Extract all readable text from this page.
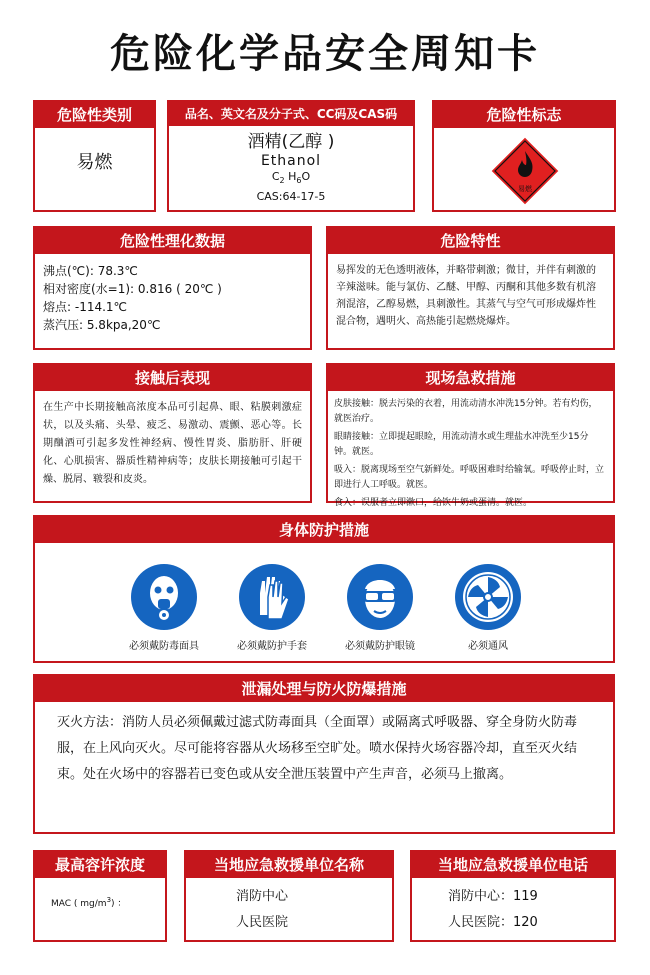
危险化学品安全周知卡
危险性类别
易燃
品名、英文名及分子式、CC码及CAS码
酒精(乙醇 )
Ethanol
$C_2$ $H_6O$
CAS:64-17-5
危险性标志
易燃
危险性理化数据
沸点(℃): 78.3℃
相对密度(水=1): 0.816 ( 20℃ )
熔点: -114.1℃
蒸汽压: 5.8kpa,20℃
危险特性
易挥发的无色透明液体，并略带刺激；微甘，并伴有刺激的辛辣滋味。能与氯仿、乙醚、甲醇、丙酮和其他多数有机溶剂混溶，乙醇易燃，具刺激性。其蒸气与空气可形成爆炸性混合物，遇明火、高热能引起燃烧爆炸。
接触后表现
在生产中长期接触高浓度本品可引起鼻、眼、粘膜刺激症状，以及头痛、头晕、疲乏、易激动、震颤、恶心等。长期酗酒可引起多发性神经病、慢性胃炎、脂肪肝、肝硬化、心肌损害、器质性精神病等；皮肤长期接触可引起干燥、脱屑、皲裂和皮炎。
现场急救措施
皮肤接触：脱去污染的衣着，用流动清水冲洗15分钟。若有灼伤，就医治疗。
眼睛接触：立即提起眼睑，用流动清水或生理盐水冲洗至少15分钟。就医。
吸入：脱离现场至空气新鲜处。呼吸困难时给输氧。呼吸停止时，立即进行人工呼吸。就医。
食入：误服者立即漱口，给饮牛奶或蛋清。就医。
身体防护措施
必须戴防毒面具	必须戴防护手套	必须戴防护眼镜	必须通风
泄漏处理与防火防爆措施
灭火方法：消防人员必须佩戴过滤式防毒面具（全面罩）或隔离式呼吸器、穿全身防火防毒服，在上风向灭火。尽可能将容器从火场移至空旷处。喷水保持火场容器冷却，直至灭火结束。处在火场中的容器若已变色或从安全泄压装置中产生声音，必须马上撤离。
最高容许浓度
MAC ( $mg/m^3$) ：
当地应急救援单位名称
消防中心
人民医院
当地应急救援单位电话
消防中心：119
人民医院：120
